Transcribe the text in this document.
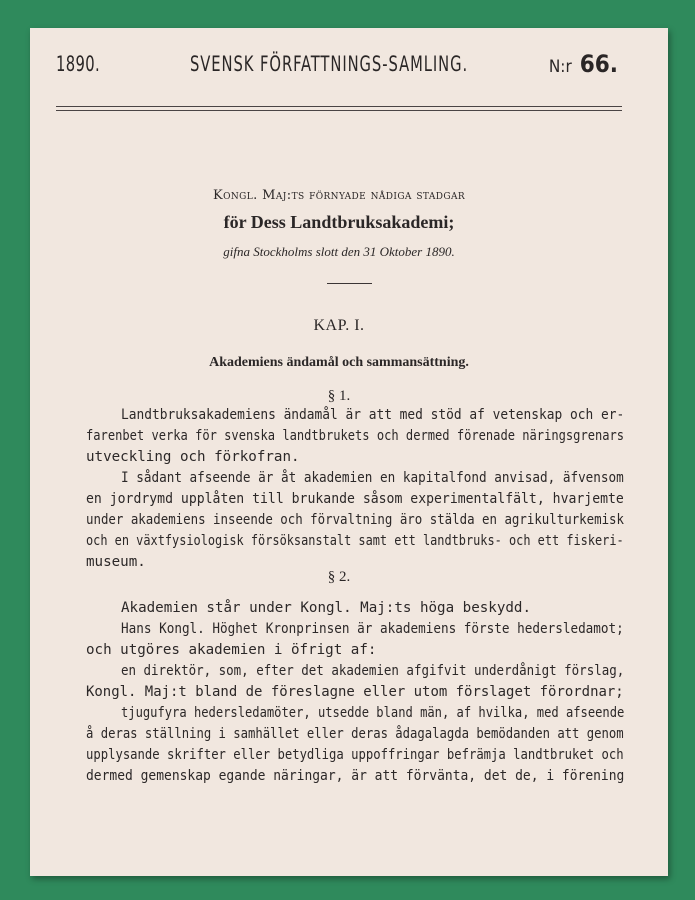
1890.	SVENSK FÖRFATTNINGS-SAMLING.	N:r 66.
Kongl. Maj:ts förnyade nådiga stadgar
för Dess Landtbruksakademi;
gifna Stockholms slott den 31 Oktober 1890.
KAP. I.
Akademiens ändamål och sammansättning.
§ 1.
Landtbruksakademiens ändamål är att med stöd af vetenskap och er-
farenbet verka för svenska landtbrukets och dermed förenade näringsgrenars
utveckling och förkofran.
I sådant afseende är åt akademien en kapitalfond anvisad, äfvensom
en jordrymd upplåten till brukande såsom experimentalfält, hvarjemte
under akademiens inseende och förvaltning äro stälda en agrikulturkemisk
och en växtfysiologisk försöksanstalt samt ett landtbruks- och ett fiskeri-
museum.
§ 2.
Akademien står under Kongl. Maj:ts höga beskydd.
Hans Kongl. Höghet Kronprinsen är akademiens förste hedersledamot;
och utgöres akademien i öfrigt af:
en direktör, som, efter det akademien afgifvit underdånigt förslag,
Kongl. Maj:t bland de föreslagne eller utom förslaget förordnar;
tjugufyra hedersledamöter, utsedde bland män, af hvilka, med afseende
å deras ställning i samhället eller deras ådagalagda bemödanden att genom
upplysande skrifter eller betydliga uppoffringar befrämja landtbruket och
dermed gemenskap egande näringar, är att förvänta, det de, i förening
